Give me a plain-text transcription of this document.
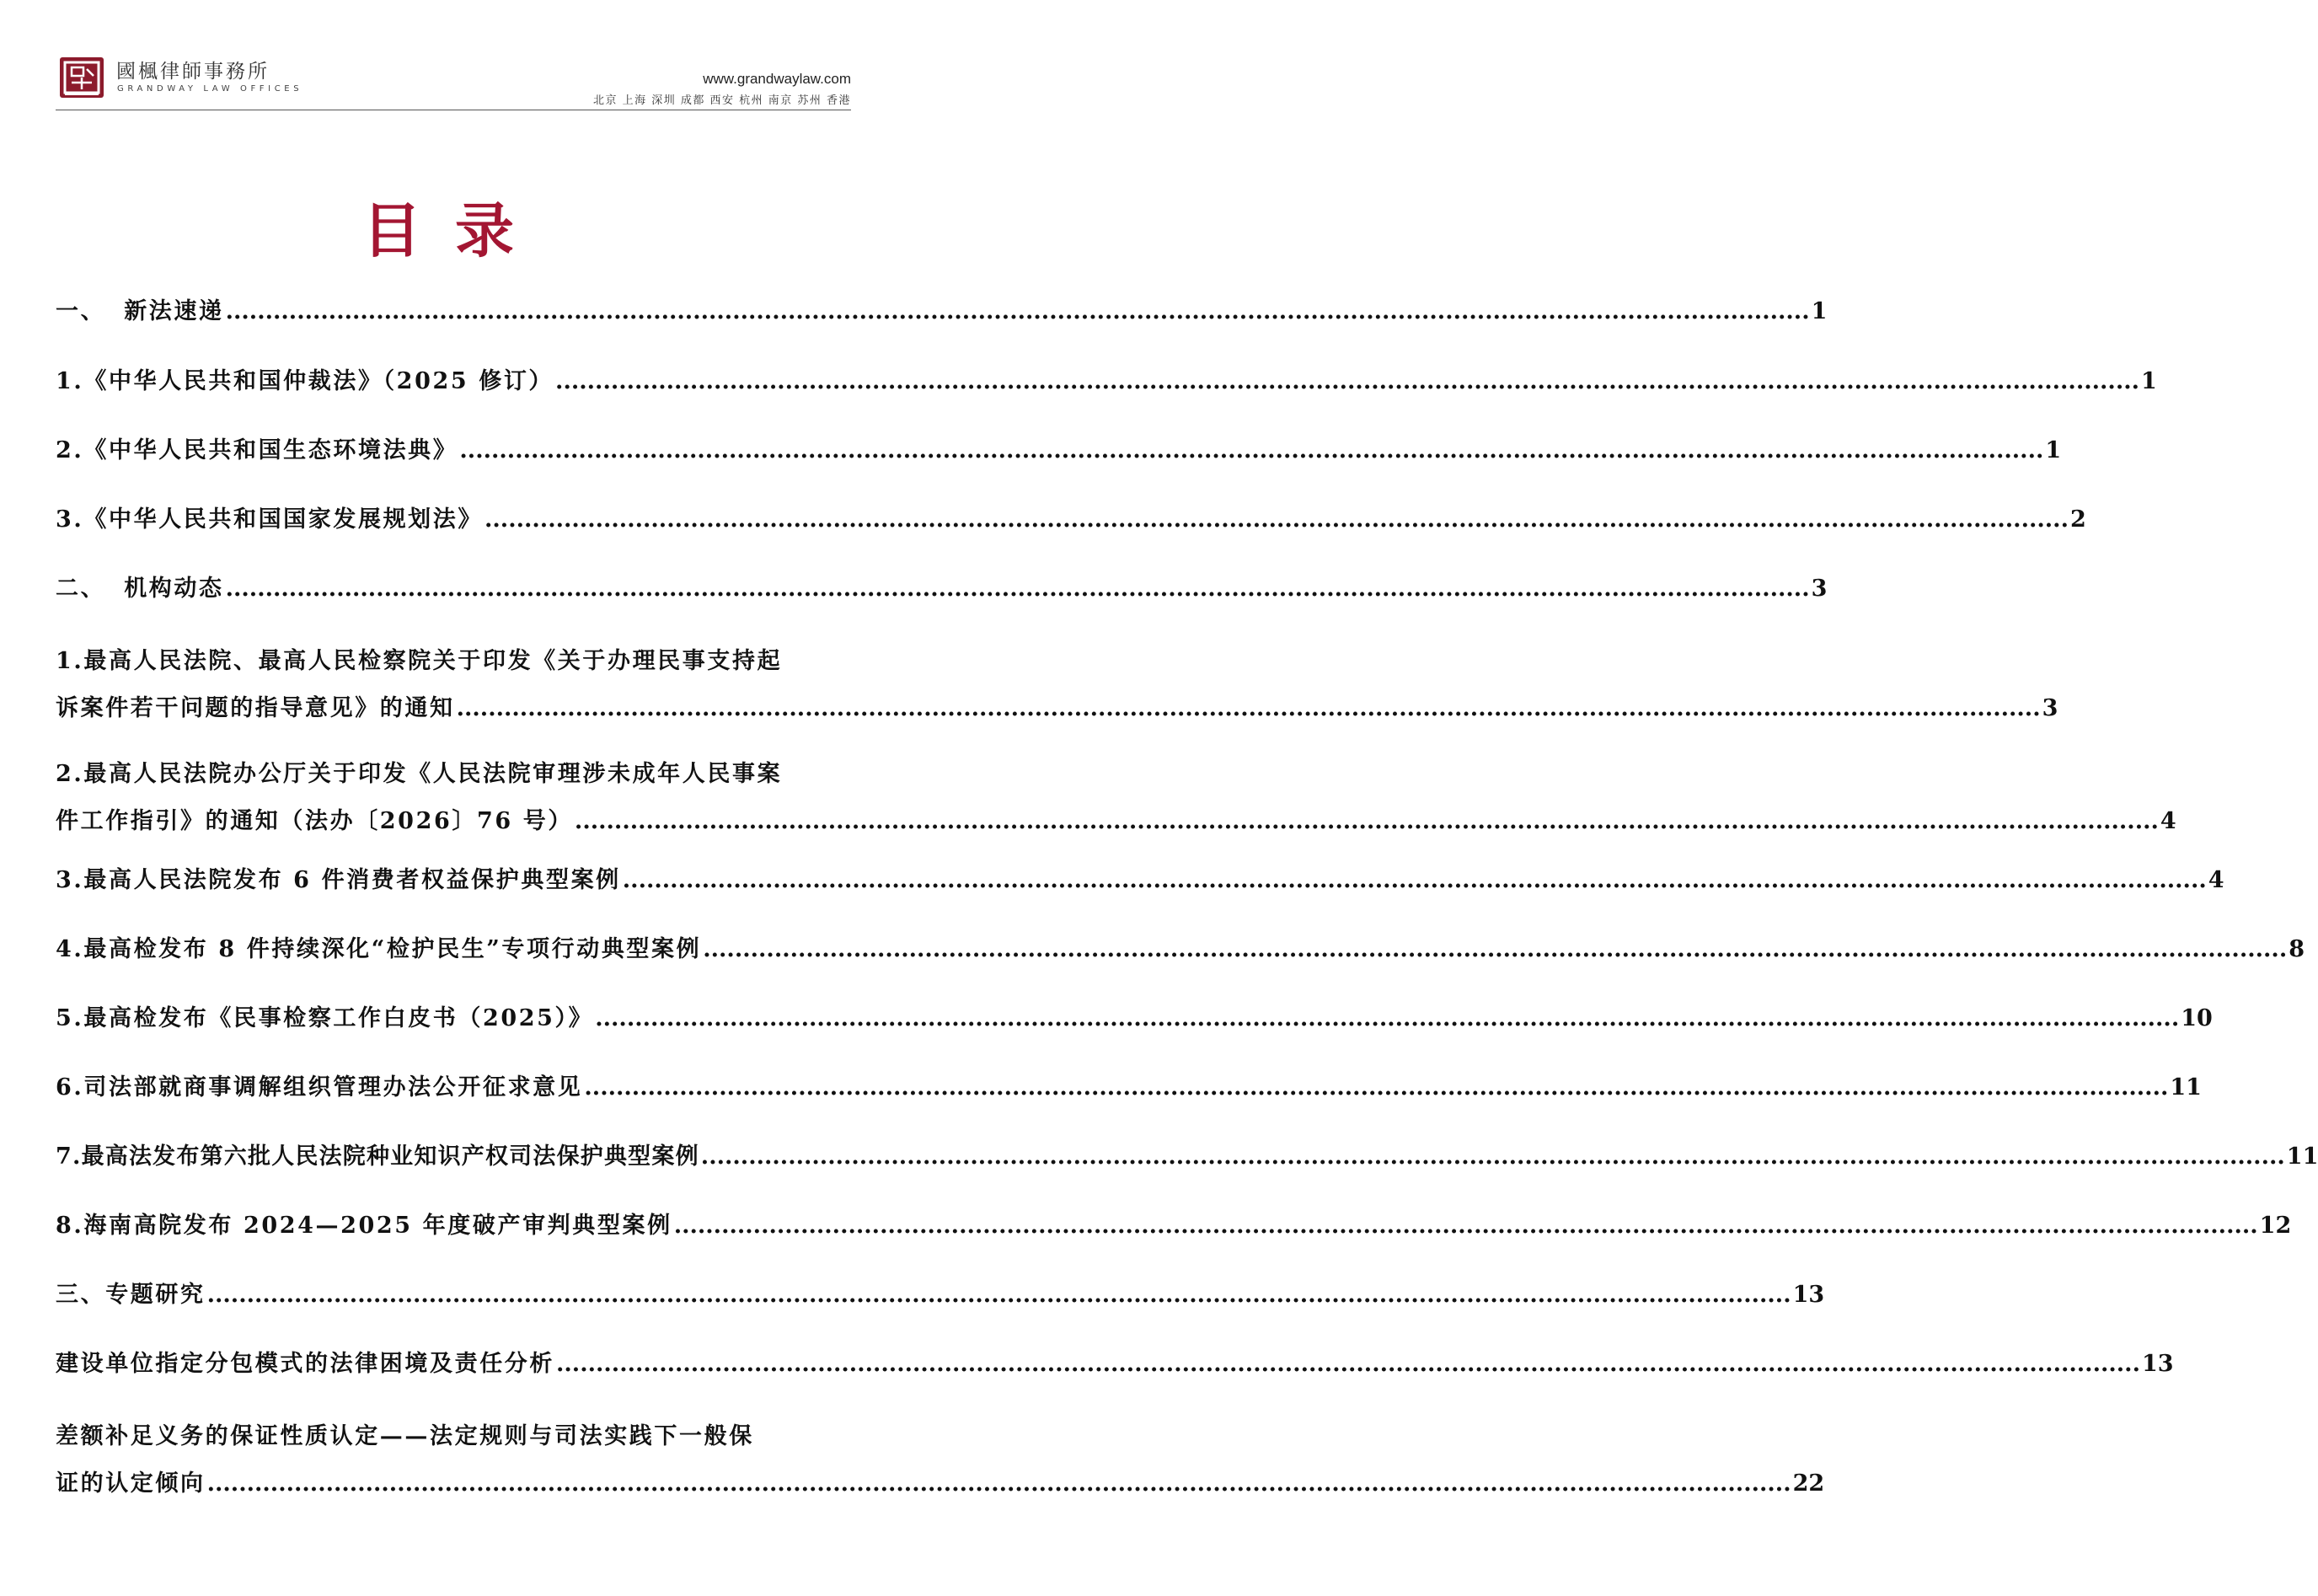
國楓律師事務所
GRANDWAY LAW OFFICES
www.grandwaylaw.com
北京 上海 深圳 成都 西安 杭州 南京 苏州 香港
目录
一、 新法速递 ........................................................................................................................................................................................................ 1
1.《中华人民共和国仲裁法》（2025 修订） ........................................................................................................................................................................................................ 1
2.《中华人民共和国生态环境法典》 ........................................................................................................................................................................................................ 1
3.《中华人民共和国国家发展规划法》 ........................................................................................................................................................................................................ 2
二、 机构动态 ........................................................................................................................................................................................................ 3
1.最高人民法院、最高人民检察院关于印发《关于办理民事支持起
诉案件若干问题的指导意见》的通知 ........................................................................................................................................................................................................ 3
2.最高人民法院办公厅关于印发《人民法院审理涉未成年人民事案
件工作指引》的通知（法办〔2026〕76 号） ........................................................................................................................................................................................................ 4
3.最高人民法院发布 6 件消费者权益保护典型案例 ........................................................................................................................................................................................................ 4
4.最高检发布 8 件持续深化“检护民生”专项行动典型案例 ........................................................................................................................................................................................................ 8
5.最高检发布《民事检察工作白皮书（2025）》 ........................................................................................................................................................................................................ 10
6.司法部就商事调解组织管理办法公开征求意见 ........................................................................................................................................................................................................ 11
7.最高法发布第六批人民法院种业知识产权司法保护典型案例 ........................................................................................................................................................................................................ 11
8.海南高院发布 2024—2025 年度破产审判典型案例 ........................................................................................................................................................................................................ 12
三、专题研究 ........................................................................................................................................................................................................ 13
建设单位指定分包模式的法律困境及责任分析 ........................................................................................................................................................................................................ 13
差额补足义务的保证性质认定——法定规则与司法实践下一般保
证的认定倾向 ........................................................................................................................................................................................................ 22
